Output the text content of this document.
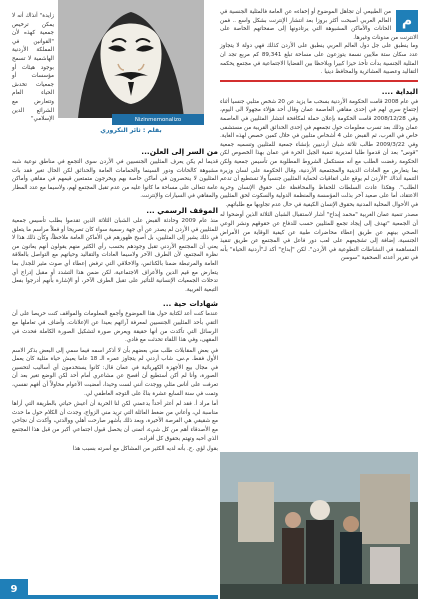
زايدة" أنذاك أنه لا يمكن ترخيص جمعية كهذه لأن "القوانين في المملكة الأردنية الهاشمية لا تسمح بوجود هيئات أو مؤسسات أو جمعيات تخدش الحياء العام وتتعارض مع الشرائع الدين الإسلامي"	Nizinmemonalizo
بقلم : ثائر النكروري
من السر إلى العلن...

قديما لم يكن يعرف المثليين الجنسيين في الأردن سوى التجمع في مناطق نوعية شبه مشبوهة كالحانات ودور السينما والحمامات العامة والحدائق لكن الحال تغير فقد بات المثليون لا ينحصرون في أماكن خاصة بهم ويخرجون متمتعين قيمهم في مقاهي وأماكن عامة تتعالى على مساحة ما كانوا عليه من عدم تقبل المجتمع لهم، ولاسيما مع عدد المطار والمقاهي في السيارات والإنترنت.

الموقف الرسمي ...

منذ عام 2009 وحادثة القبض على الشبان الثلاثة الذين تقدموا بطلب تأسيس جمعية للمثليين في الأردن لم يصدر عن أي جهة رسمية سواء كان تصريحا أو فعلاً مراسم ما يتعلق في ذلك يشير إلى المثليين، بل أصبح ظهورهم في الأماكن العامة ملاحظاً، وكأن ذلك هذا لا يعني أن المجتمع الأردني تقبل وجودهم بحسب رأي الكثير منهم يقولون أنهم يعانون من نظرة المجتمع، لأن الطرف الآخر ولاسيما العادات والتقاليد وحياتهم مع التواصل بالعلاقة العامة والمرتبطة ضمنا بالكنائس، والاخلاقي التي ترفض إعطاء أي صوت مثير للجدل بما يتعارض مع قيم الدين والأعراف الاجتماعية، لكن ضمن هذا التشدد أو مقبل إدراج أي تدخلات الجمعيات الإنسانية للتأثير على تقبل الطرف الآخر، أو الإشارة بأنهم أدرجوا بفعل التبعية الغربية.

شهادات حية ...

عندما كنت أعد لكتابة حول هذا الموضوع وأجمع المعلومات والمواقف كنت حريصا على أن التقي بأحد المثليين الجنسيين لمعرفة آرائهم بعيدا عن الإعلانات، وأضاف في تعاملها مع الرسائل التي تأكدت من أنها حقيقة ويعرض صورة لتشكيل الصورة الكاملة فحدث في المقهى، وفي هذا اللقاء تحدثت مع فادي.

في بعض المقابلات طلب مني بعضهم بأن لا أذكر اسمه فيما سمي إلى البعض بذكر الاسم الأول فقط. م.س. شاب أردني لم يتجاوز عمره الـ 18 عاما يعيش حياة مثلية كان يعمل في مجال بيع الأجهزة الكهربائية في عمان قال: كانوا يستخدمون أي أساليب لتحسين الصورة، وأنا لم أكن أستطيع أن أفصح عن مشاعري أمام أحد لكن الوضع تغير بعد أن تعرفت على أناس مثلي ووجدت أنني لست وحيدا، أمضيت الأعوام محاولاً أن أفهم نفسي، وتمت في سنة السابع عشرة بناءً على التوجه العاطفي لي.

أما مراد أ. فقد لم أعثر أحداً يدعمني لكن لنا الحرية أن أعيش حياتي بالطريقة التي أراها مناسبة لي، وأعاني من ضغط العائلة التي تريد مني الزواج، وجدت أن الكلام حول ما حدث مع شقيقي هي الفرصة الأخيرة، وبعد ذلك بأشهر صارحت أهلي ووالدتي، وأكدت أن نجاحي مع الأصدقاء أهم من كل شيء، أتمنى أن يحصل قبول اجتماعي أكبر من قبل هذا المجتمع الذي أحبه وتهتم بحقوق كل أفراده.

بقول لؤي .ح. بأنه لديه الكثير من المشاكل مع أسرته بسبب هذا

م

من الطبيعي أن تجاهل الموضوع أو إخفاءه عن العامة فالمثلية الجنسية في العالم العربي أصبحت أكثر بروزا بعد انتشار الإنترنت بشكل واسع .. فمن الحانات والأماكن المشبوهة التي يرتادونها إلى صفحاتهم الخاصة على الانترنت من مدونات وغيرها.

وما ينطبق على جل دول العالم العربي ينطبق على الأردن كذلك فهي دولة لا يتجاوز عدد سكان ستة ملايين نسمة يتوزعون على مساحة تبلغ 89,341 كم مربع تجد ان المثلية الجنسية بدأت تأخذ حيزا كبيرا وبلاحظا بين القضايا الاجتماعية في مجتمع يحكمه التقاليد وعصبية العشائرية والمحافظ دينيا .

البداية ....

في عام 2008 قامت الحكومة الأردنية بسحب ما يزيد عن 20 شخص متلبي جنسيا أثناء إجتماعٍ سري لهم في إحدى مقاهي العاصمة عمان وقال أحد هؤلاء مجهولا الى اليوم، وفي 2008/12/28 قامت الحكومة بإعلان حملة لمكافحة انتشار المثليين في العاصمة عمان وذلك بعد تسرب معلومات حول تجمعهم في إحدى الحدائق القريبة من مستشفى خاص في الغرب، ثم القبض على 4 أشخاص متلبين في خلال كمين خصص لهذه الغاية. وفي 2009/3/22 طالب ثلاثة شبان أردنيين بإنشاء جمعية للمثليين وتسميه جمعية "قوس" بعد أن قدموا طلبا لمديرية تنمية الجيل الحرة في عمان بهذا الخصوص لكن الحكومة رفضت الطلب مع أنه مستكمل الشروط المطلوبة من تأسيس جمعية ولكن بما يتعارض مع العادات الدينية والمجتمعية الأردنية، وقال الحكومة على لسان وزيرة التنمية أنذاك "الأردن لم يوقع على اتفاقيات لحماية المثليين جنسياً ولا تستطيع أن تدعم الطلب". وهكذا عادت السلطات للحفاظ والمحافظة على حقوق الإنسان وحرية الاعتقاد، أما على صعيد آخر بذلت المؤسسة والمنظمة الدولية والسكوت لحق المثليين في الأحوال المحلية المدنية بحقوق الإنسان الكيفية في حال عدم تجاوبها مع طلباتهم.

مصدر تنمية عمان الغربية "محمد إبداح" أشار لاستقبال الشبان الثلاثة الذين أوضحوا له أن الجمعية "تهدف إلى إيجاد تجمع للمثليين حسب للدفاع عن حقوقهم ونشر الوعي الصحي بينهم عن طريق إعطاء محاضرات طبية عن كيفية الوقاية من الأمراض الجنسية، إضافة إلى تشجيعهم على لعب دور فاعل في المجتمع عن طريق تنفيذ المساهمة في النشاطات التطوعية في الأردن". لكن "إبداح" أكد لـ"أردنية الحياة" بأنه في تقرير أعدته الصحفية "سوسن

9
